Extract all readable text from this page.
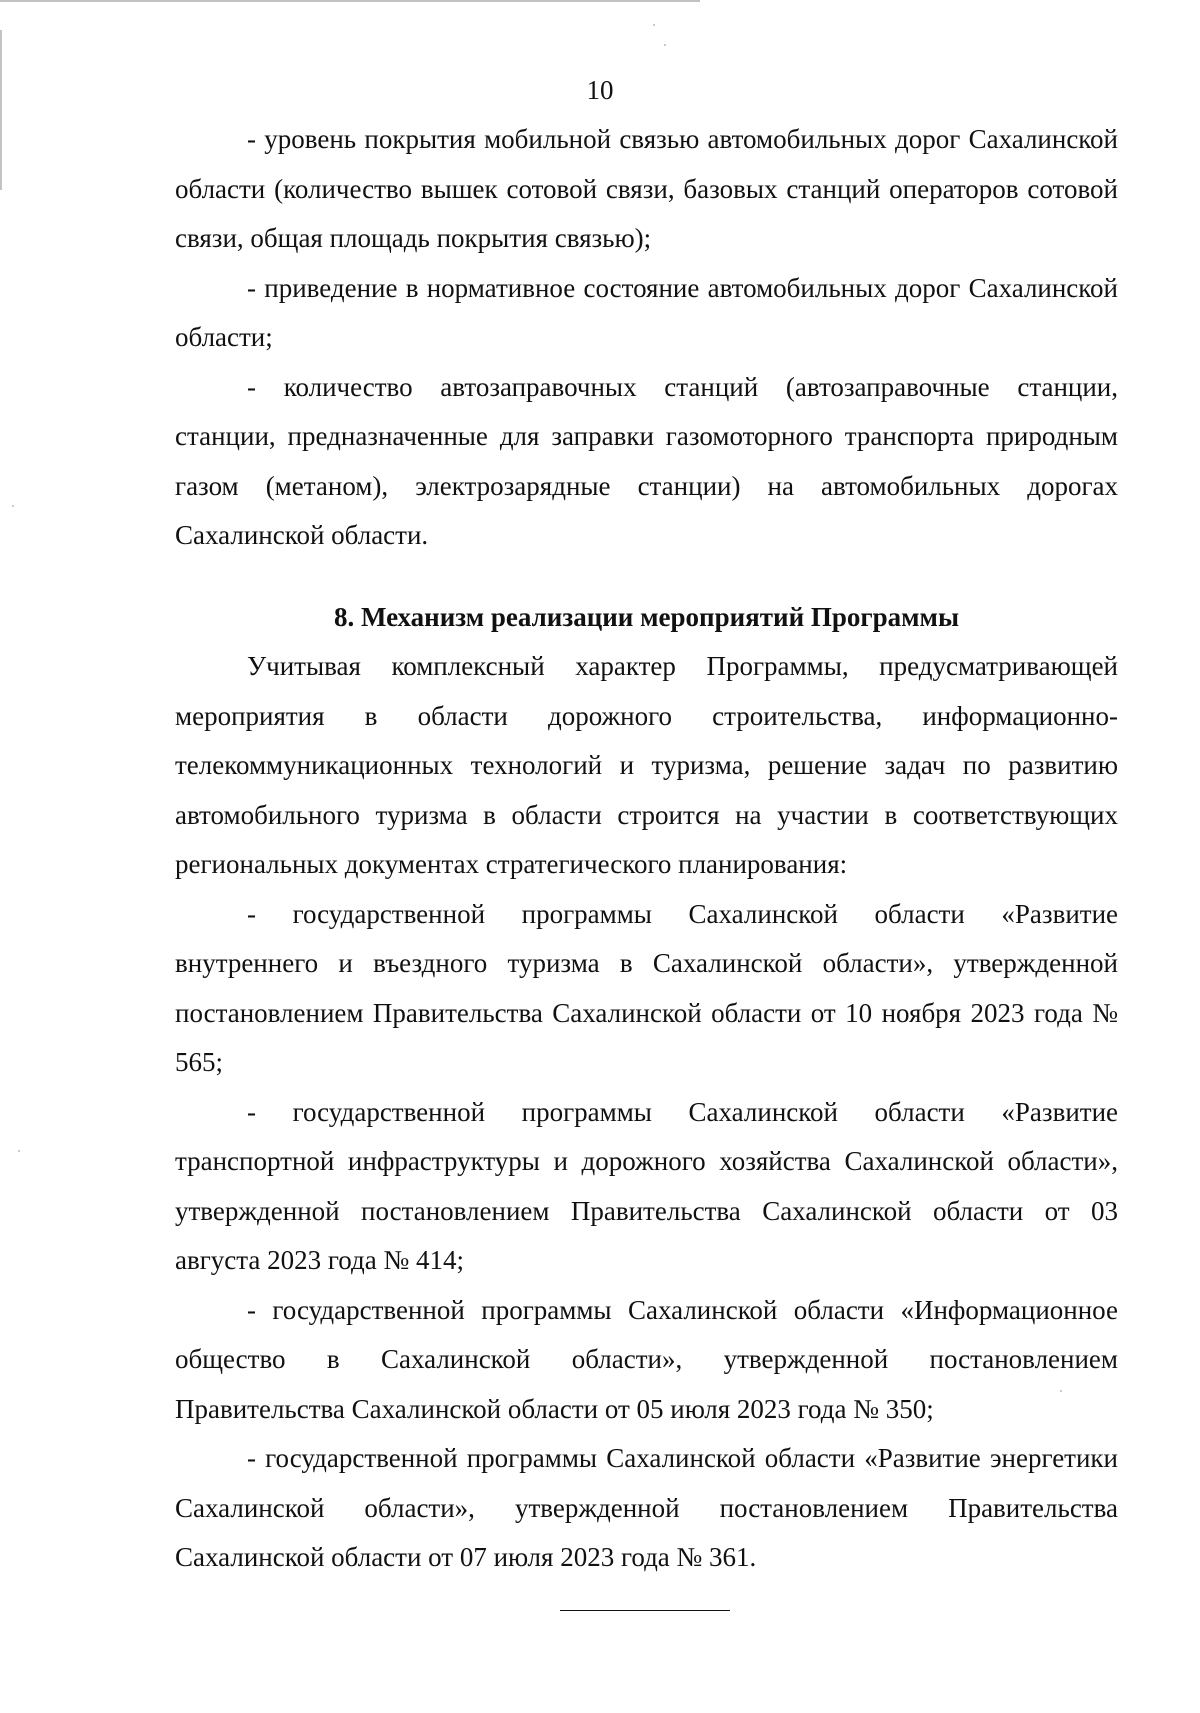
10

- уровень покрытия мобильной связью автомобильных дорог Сахалинской области (количество вышек сотовой связи, базовых станций операторов сотовой связи, общая площадь покрытия связью);

- приведение в нормативное состояние автомобильных дорог Сахалинской области;

- количество автозаправочных станций (автозаправочные станции, станции, предназначенные для заправки газомоторного транспорта природным газом (метаном), электрозарядные станции) на автомобильных дорогах Сахалинской области.

8. Механизм реализации мероприятий Программы

Учитывая комплексный характер Программы, предусматривающей мероприятия в области дорожного строительства, информационно-телекоммуникационных технологий и туризма, решение задач по развитию автомобильного туризма в области строится на участии в соответствующих региональных документах стратегического планирования:

- государственной программы Сахалинской области «Развитие внутреннего и въездного туризма в Сахалинской области», утвержденной постановлением Правительства Сахалинской области от 10 ноября 2023 года № 565;

- государственной программы Сахалинской области «Развитие транспортной инфраструктуры и дорожного хозяйства Сахалинской области», утвержденной постановлением Правительства Сахалинской области от 03 августа 2023 года № 414;

- государственной программы Сахалинской области «Информационное общество в Сахалинской области», утвержденной постановлением Правительства Сахалинской области от 05 июля 2023 года № 350;

- государственной программы Сахалинской области «Развитие энергетики Сахалинской области», утвержденной постановлением Правительства Сахалинской области от 07 июля 2023 года № 361.
